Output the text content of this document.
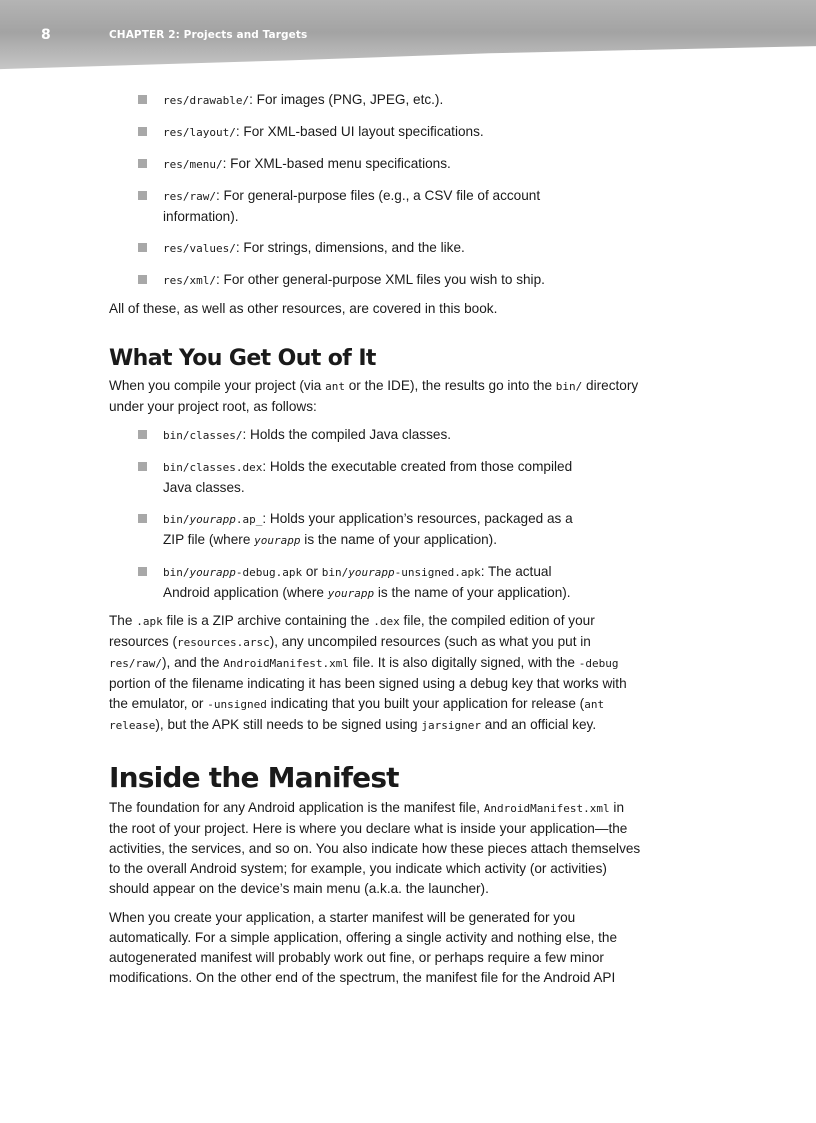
8	CHAPTER 2: Projects and Targets
res/drawable/: For images (PNG, JPEG, etc.).
res/layout/: For XML-based UI layout specifications.
res/menu/: For XML-based menu specifications.
res/raw/: For general-purpose files (e.g., a CSV file of account
information).
res/values/: For strings, dimensions, and the like.
res/xml/: For other general-purpose XML files you wish to ship.

All of these, as well as other resources, are covered in this book.

What You Get Out of It

When you compile your project (via ant or the IDE), the results go into the bin/ directory
under your project root, as follows:

bin/classes/: Holds the compiled Java classes.
bin/classes.dex: Holds the executable created from those compiled
Java classes.
bin/yourapp.ap_: Holds your application’s resources, packaged as a
ZIP file (where yourapp is the name of your application).
bin/yourapp-debug.apk or bin/yourapp-unsigned.apk: The actual
Android application (where yourapp is the name of your application).

The .apk file is a ZIP archive containing the .dex file, the compiled edition of your
resources (resources.arsc), any uncompiled resources (such as what you put in
res/raw/), and the AndroidManifest.xml file. It is also digitally signed, with the -debug
portion of the filename indicating it has been signed using a debug key that works with
the emulator, or -unsigned indicating that you built your application for release (ant
release), but the APK still needs to be signed using jarsigner and an official key.

Inside the Manifest

The foundation for any Android application is the manifest file, AndroidManifest.xml in
the root of your project. Here is where you declare what is inside your application—the
activities, the services, and so on. You also indicate how these pieces attach themselves
to the overall Android system; for example, you indicate which activity (or activities)
should appear on the device’s main menu (a.k.a. the launcher).

When you create your application, a starter manifest will be generated for you
automatically. For a simple application, offering a single activity and nothing else, the
autogenerated manifest will probably work out fine, or perhaps require a few minor
modifications. On the other end of the spectrum, the manifest file for the Android API
